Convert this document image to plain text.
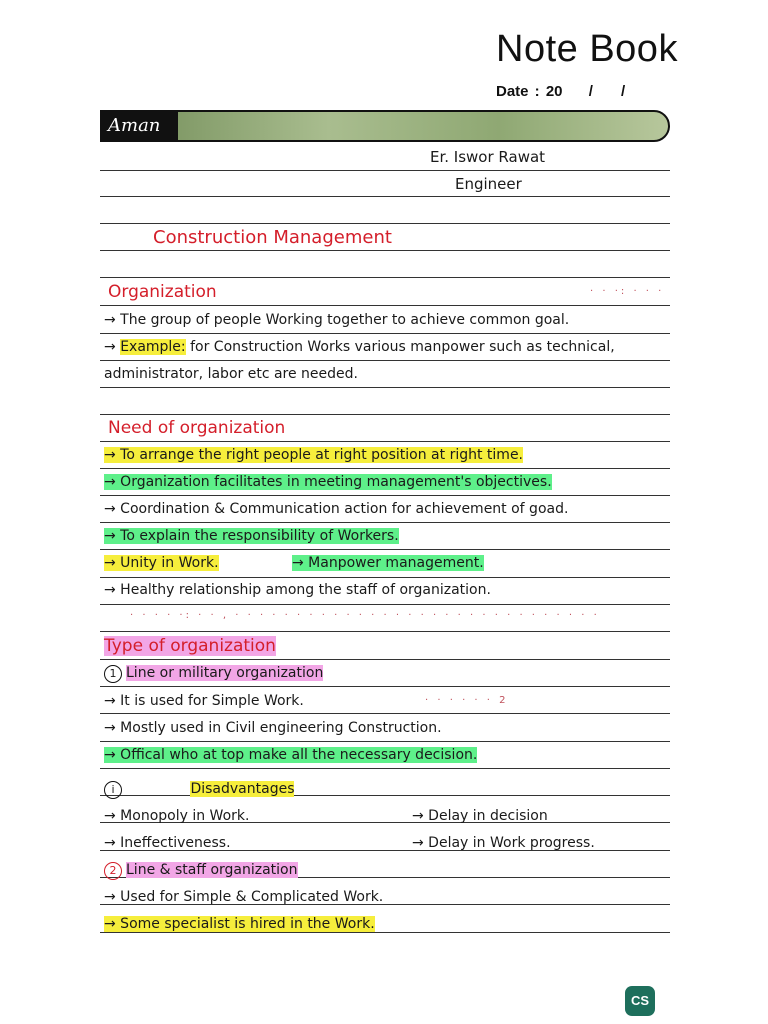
Note Book
Date : 20 / /
Aman
Er. Iswor Rawat
Engineer
Construction Management
Organization	· · ·: · · ·
→ The group of people Working together to achieve common goal.
→ Example: for Construction Works various manpower such as technical,
administrator, labor etc are needed.
Need of organization
→ To arrange the right people at right position at right time.
→ Organization facilitates in meeting management's objectives.
→ Coordination & Communication action for achievement of goad.
→ To explain the responsibility of Workers.
→ Unity in Work.	→ Manpower management.
→ Healthy relationship among the staff of organization.
· ‧ · ‧ ·: · · , ‧ · · · ‧ · · · ‧ · · ‧ · · · · ‧ · · · ‧ · · · · · ‧ · · ·
Type of organization
1 Line or military organization
→ It is used for Simple Work.	· ‧ · · ‧ · 2
→ Mostly used in Civil engineering Construction.
→ Offical who at top make all the necessary decision.
i	Disadvantages
→ Monopoly in Work.	→ Delay in decision
→ Ineffectiveness.	→ Delay in Work progress.
2 Line & staff organization
→ Used for Simple & Complicated Work.
→ Some specialist is hired in the Work.
CS
